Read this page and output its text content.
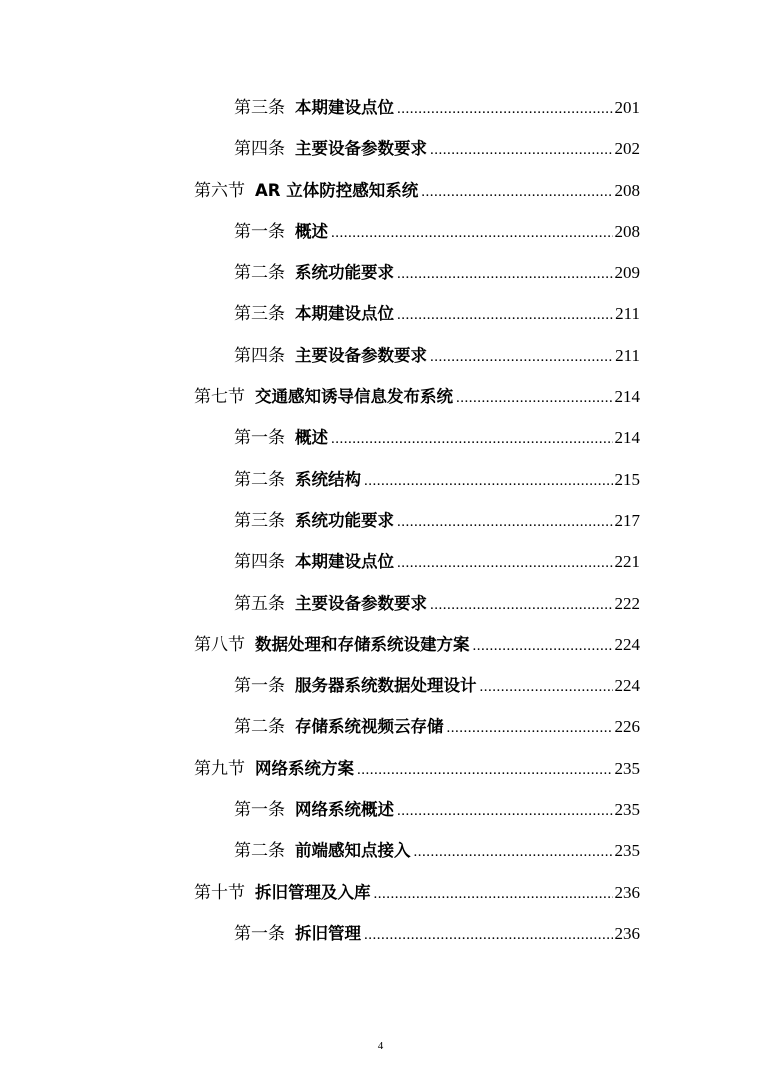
第三条 本期建设点位 .....	201
第四条 主要设备参数要求 .....	202
第六节 AR 立体防控感知系统 .....	208
第一条 概述 .....	208
第二条 系统功能要求 .....	209
第三条 本期建设点位 .....	211
第四条 主要设备参数要求 .....	211
第七节 交通感知诱导信息发布系统 .....	214
第一条 概述 .....	214
第二条 系统结构 .....	215
第三条 系统功能要求 .....	217
第四条 本期建设点位 .....	221
第五条 主要设备参数要求 .....	222
第八节 数据处理和存储系统设建方案 .....	224
第一条 服务器系统数据处理设计 .....	224
第二条 存储系统视频云存储 .....	226
第九节 网络系统方案 .....	235
第一条 网络系统概述 .....	235
第二条 前端感知点接入 .....	235
第十节 拆旧管理及入库 .....	236
第一条 拆旧管理 .....	236
4
